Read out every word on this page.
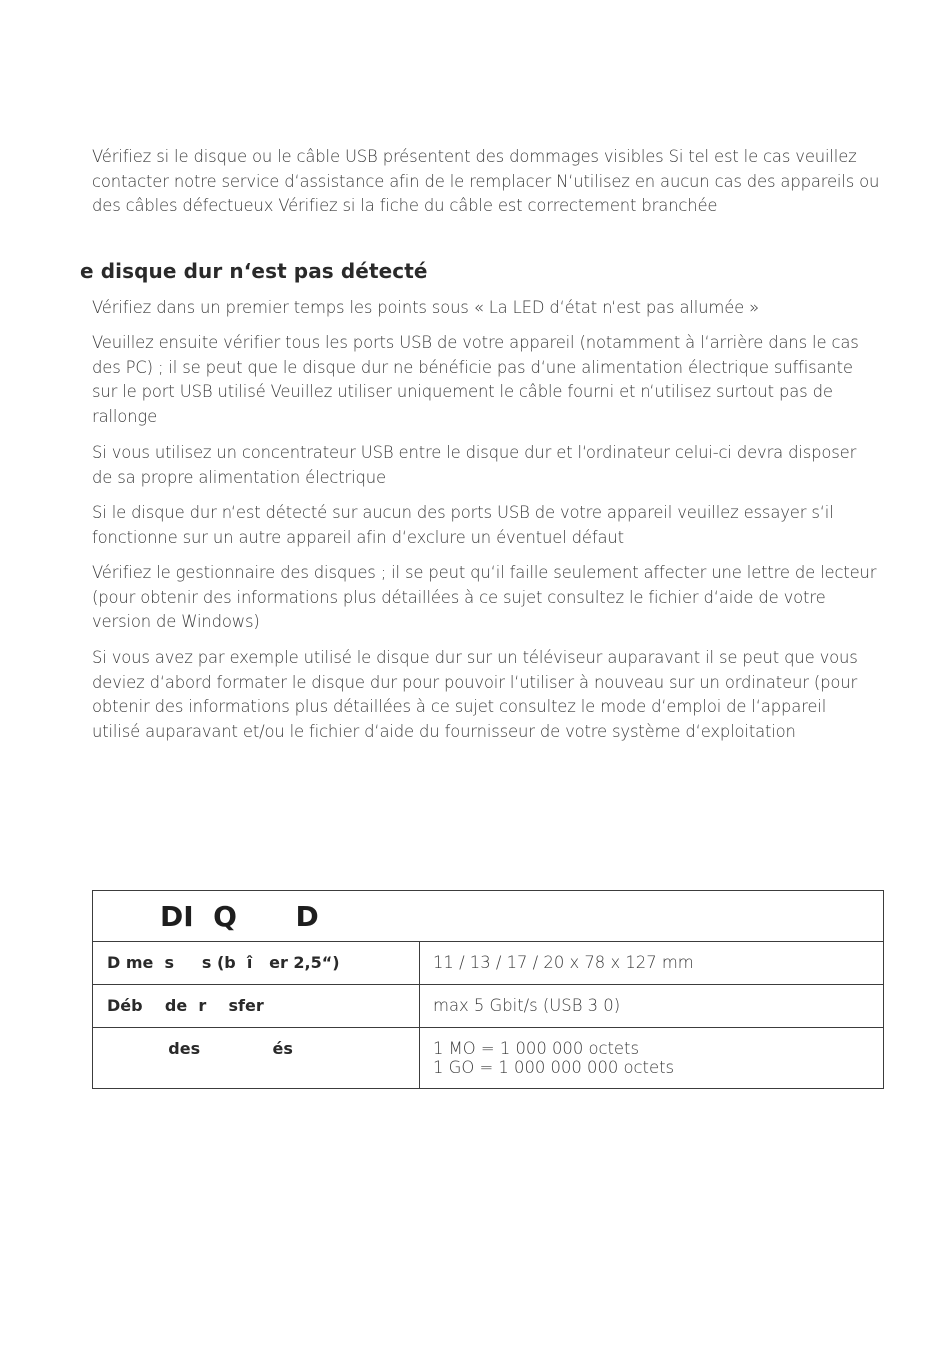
Vérifiez si le disque ou le câble USB présentent des dommages visibles Si tel est le cas veuillez
contacter notre service d‘assistance afin de le remplacer N‘utilisez en aucun cas des appareils ou
des câbles défectueux Vérifiez si la fiche du câble est correctement branchée
e disque dur n‘est pas détecté
Vérifiez dans un premier temps les points sous « La LED d‘état n‘est pas allumée »
Veuillez ensuite vérifier tous les ports USB de votre appareil (notamment à l‘arrière dans le cas
des PC) ; il se peut que le disque dur ne bénéficie pas d‘une alimentation électrique suffisante
sur le port USB utilisé Veuillez utiliser uniquement le câble fourni et n‘utilisez surtout pas de
rallonge
Si vous utilisez un concentrateur USB entre le disque dur et l‘ordinateur celui-ci devra disposer
de sa propre alimentation électrique
Si le disque dur n‘est détecté sur aucun des ports USB de votre appareil veuillez essayer s‘il
fonctionne sur un autre appareil afin d‘exclure un éventuel défaut
Vérifiez le gestionnaire des disques ; il se peut qu‘il faille seulement affecter une lettre de lecteur
(pour obtenir des informations plus détaillées à ce sujet consultez le fichier d‘aide de votre
version de Windows)
Si vous avez par exemple utilisé le disque dur sur un téléviseur auparavant il se peut que vous
deviez d‘abord formater le disque dur pour pouvoir l‘utiliser à nouveau sur un ordinateur (pour
obtenir des informations plus détaillées à ce sujet consultez le mode d‘emploi de l‘appareil
utilisé auparavant et/ou le fichier d‘aide du fournisseur de votre système d‘exploitation
DI  Q      D	

D me  s     s (b  î   er 2,5“)	11 / 13 / 17 / 20 x 78 x 127 mm
Déb    de  r    sfer	max 5 Gbit/s (USB 3 0)
des             és	1 MO = 1 000 000 octets
1 GO = 1 000 000 000 octets
